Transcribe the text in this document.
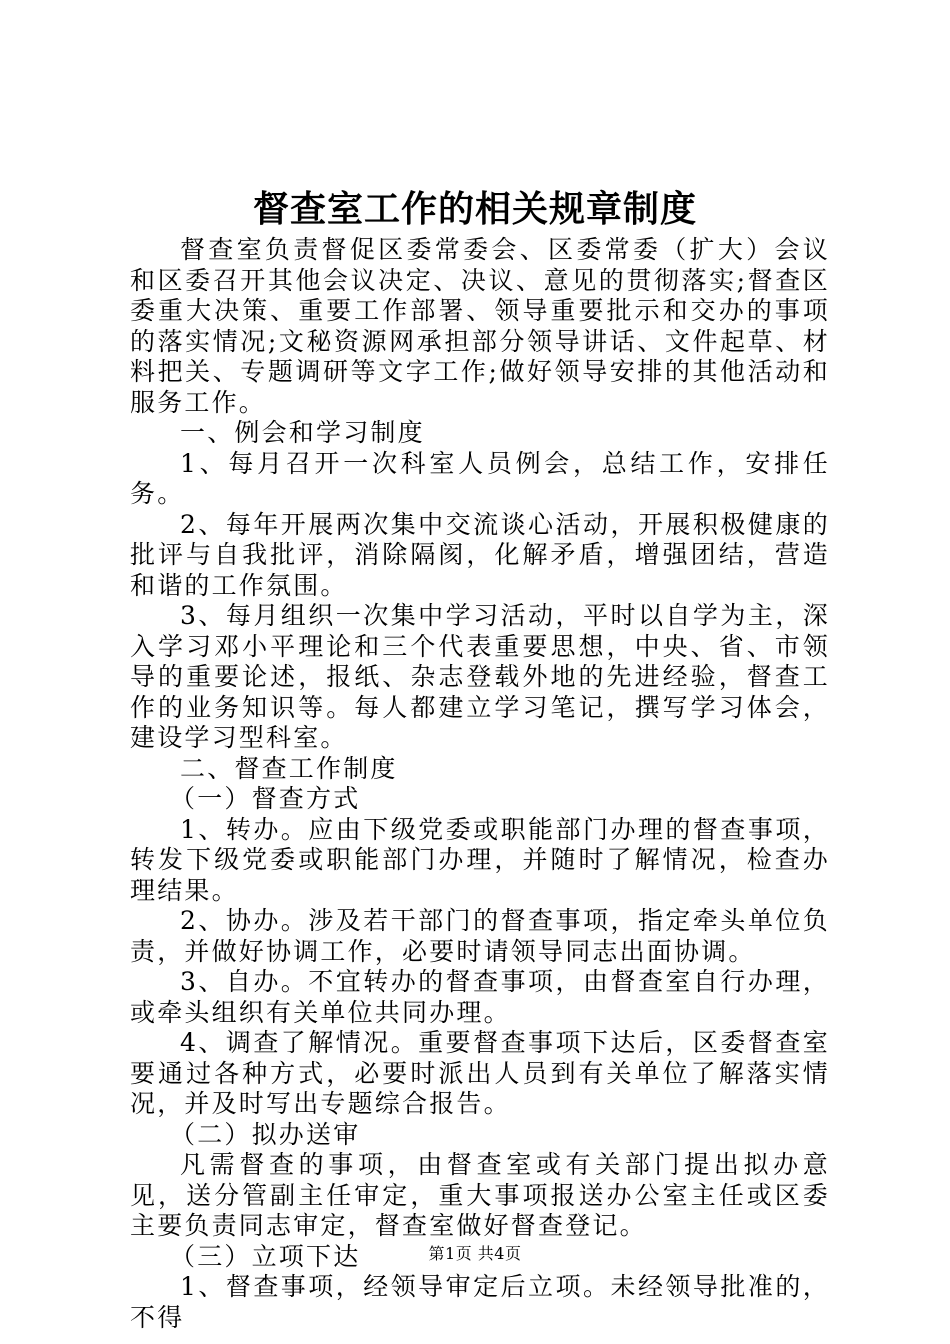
督查室工作的相关规章制度

督查室负责督促区委常委会、区委常委（扩大）会议和区委召开其他会议决定、决议、意见的贯彻落实;督查区委重大决策、重要工作部署、领导重要批示和交办的事项的落实情况;文秘资源网承担部分领导讲话、文件起草、材料把关、专题调研等文字工作;做好领导安排的其他活动和服务工作。

一、例会和学习制度

1、每月召开一次科室人员例会，总结工作，安排任务。

2、每年开展两次集中交流谈心活动，开展积极健康的批评与自我批评，消除隔阂，化解矛盾，增强团结，营造和谐的工作氛围。

3、每月组织一次集中学习活动，平时以自学为主，深入学习邓小平理论和三个代表重要思想，中央、省、市领导的重要论述，报纸、杂志登载外地的先进经验，督查工作的业务知识等。每人都建立学习笔记，撰写学习体会，建设学习型科室。

二、督查工作制度

（一）督查方式

1、转办。应由下级党委或职能部门办理的督查事项，转发下级党委或职能部门办理，并随时了解情况，检查办理结果。

2、协办。涉及若干部门的督查事项，指定牵头单位负责，并做好协调工作，必要时请领导同志出面协调。

3、自办。不宜转办的督查事项，由督查室自行办理，或牵头组织有关单位共同办理。

4、调查了解情况。重要督查事项下达后，区委督查室要通过各种方式，必要时派出人员到有关单位了解落实情况，并及时写出专题综合报告。

（二）拟办送审

凡需督查的事项，由督查室或有关部门提出拟办意见，送分管副主任审定，重大事项报送办公室主任或区委主要负责同志审定，督查室做好督查登记。

（三）立项下达

1、督查事项，经领导审定后立项。未经领导批准的，不得

第1页 共4页
